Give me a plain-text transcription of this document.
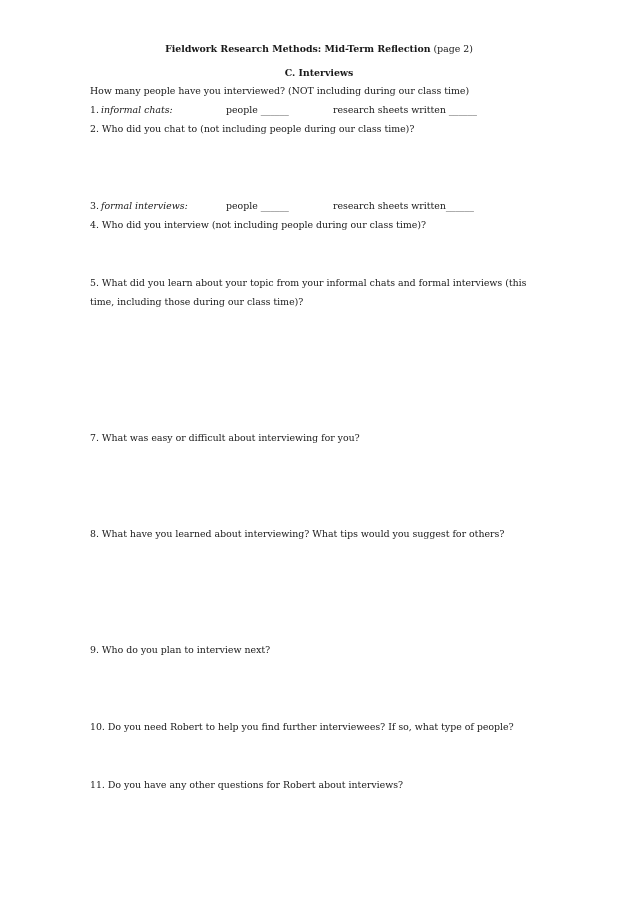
Fieldwork Research Methods: Mid-Term Reflection (page 2)
C. Interviews
How many people have you interviewed? (NOT including during our class time)
1. informal chats:	people ______	research sheets written ______
2. Who did you chat to (not including people during our class time)?
3. formal interviews:	people ______	research sheets written______
4. Who did you interview (not including people during our class time)?
5. What did you learn about your topic from your informal chats and formal interviews (this
time, including those during our class time)?
7. What was easy or difficult about interviewing for you?
8. What have you learned about interviewing? What tips would you suggest for others?
9. Who do you plan to interview next?
10. Do you need Robert to help you find further interviewees? If so, what type of people?
11. Do you have any other questions for Robert about interviews?
